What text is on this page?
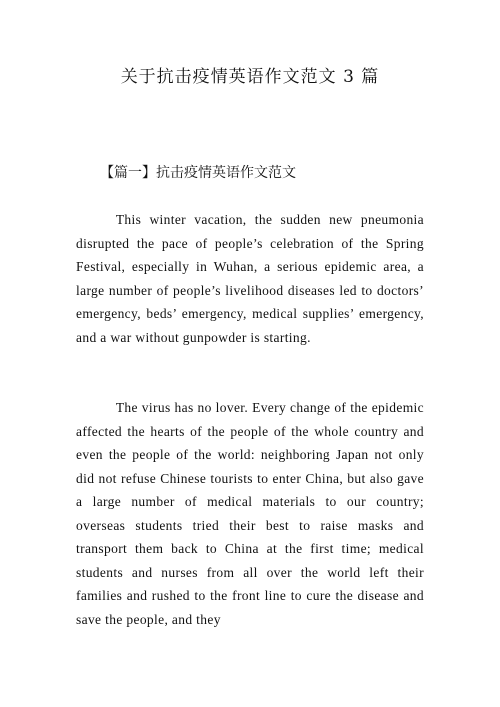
关于抗击疫情英语作文范文 3 篇
【篇一】抗击疫情英语作文范文

This winter vacation, the sudden new pneumonia disrupted the pace of people’s celebration of the Spring Festival, especially in Wuhan, a serious epidemic area, a large number of people’s livelihood diseases led to doctors’ emergency, beds’ emergency, medical supplies’ emergency, and a war without gunpowder is starting.

The virus has no lover. Every change of the epidemic affected the hearts of the people of the whole country and even the people of the world: neighboring Japan not only did not refuse Chinese tourists to enter China, but also gave a large number of medical materials to our country; overseas students tried their best to raise masks and transport them back to China at the first time; medical students and nurses from all over the world left their families and rushed to the front line to cure the disease and save the people, and they
